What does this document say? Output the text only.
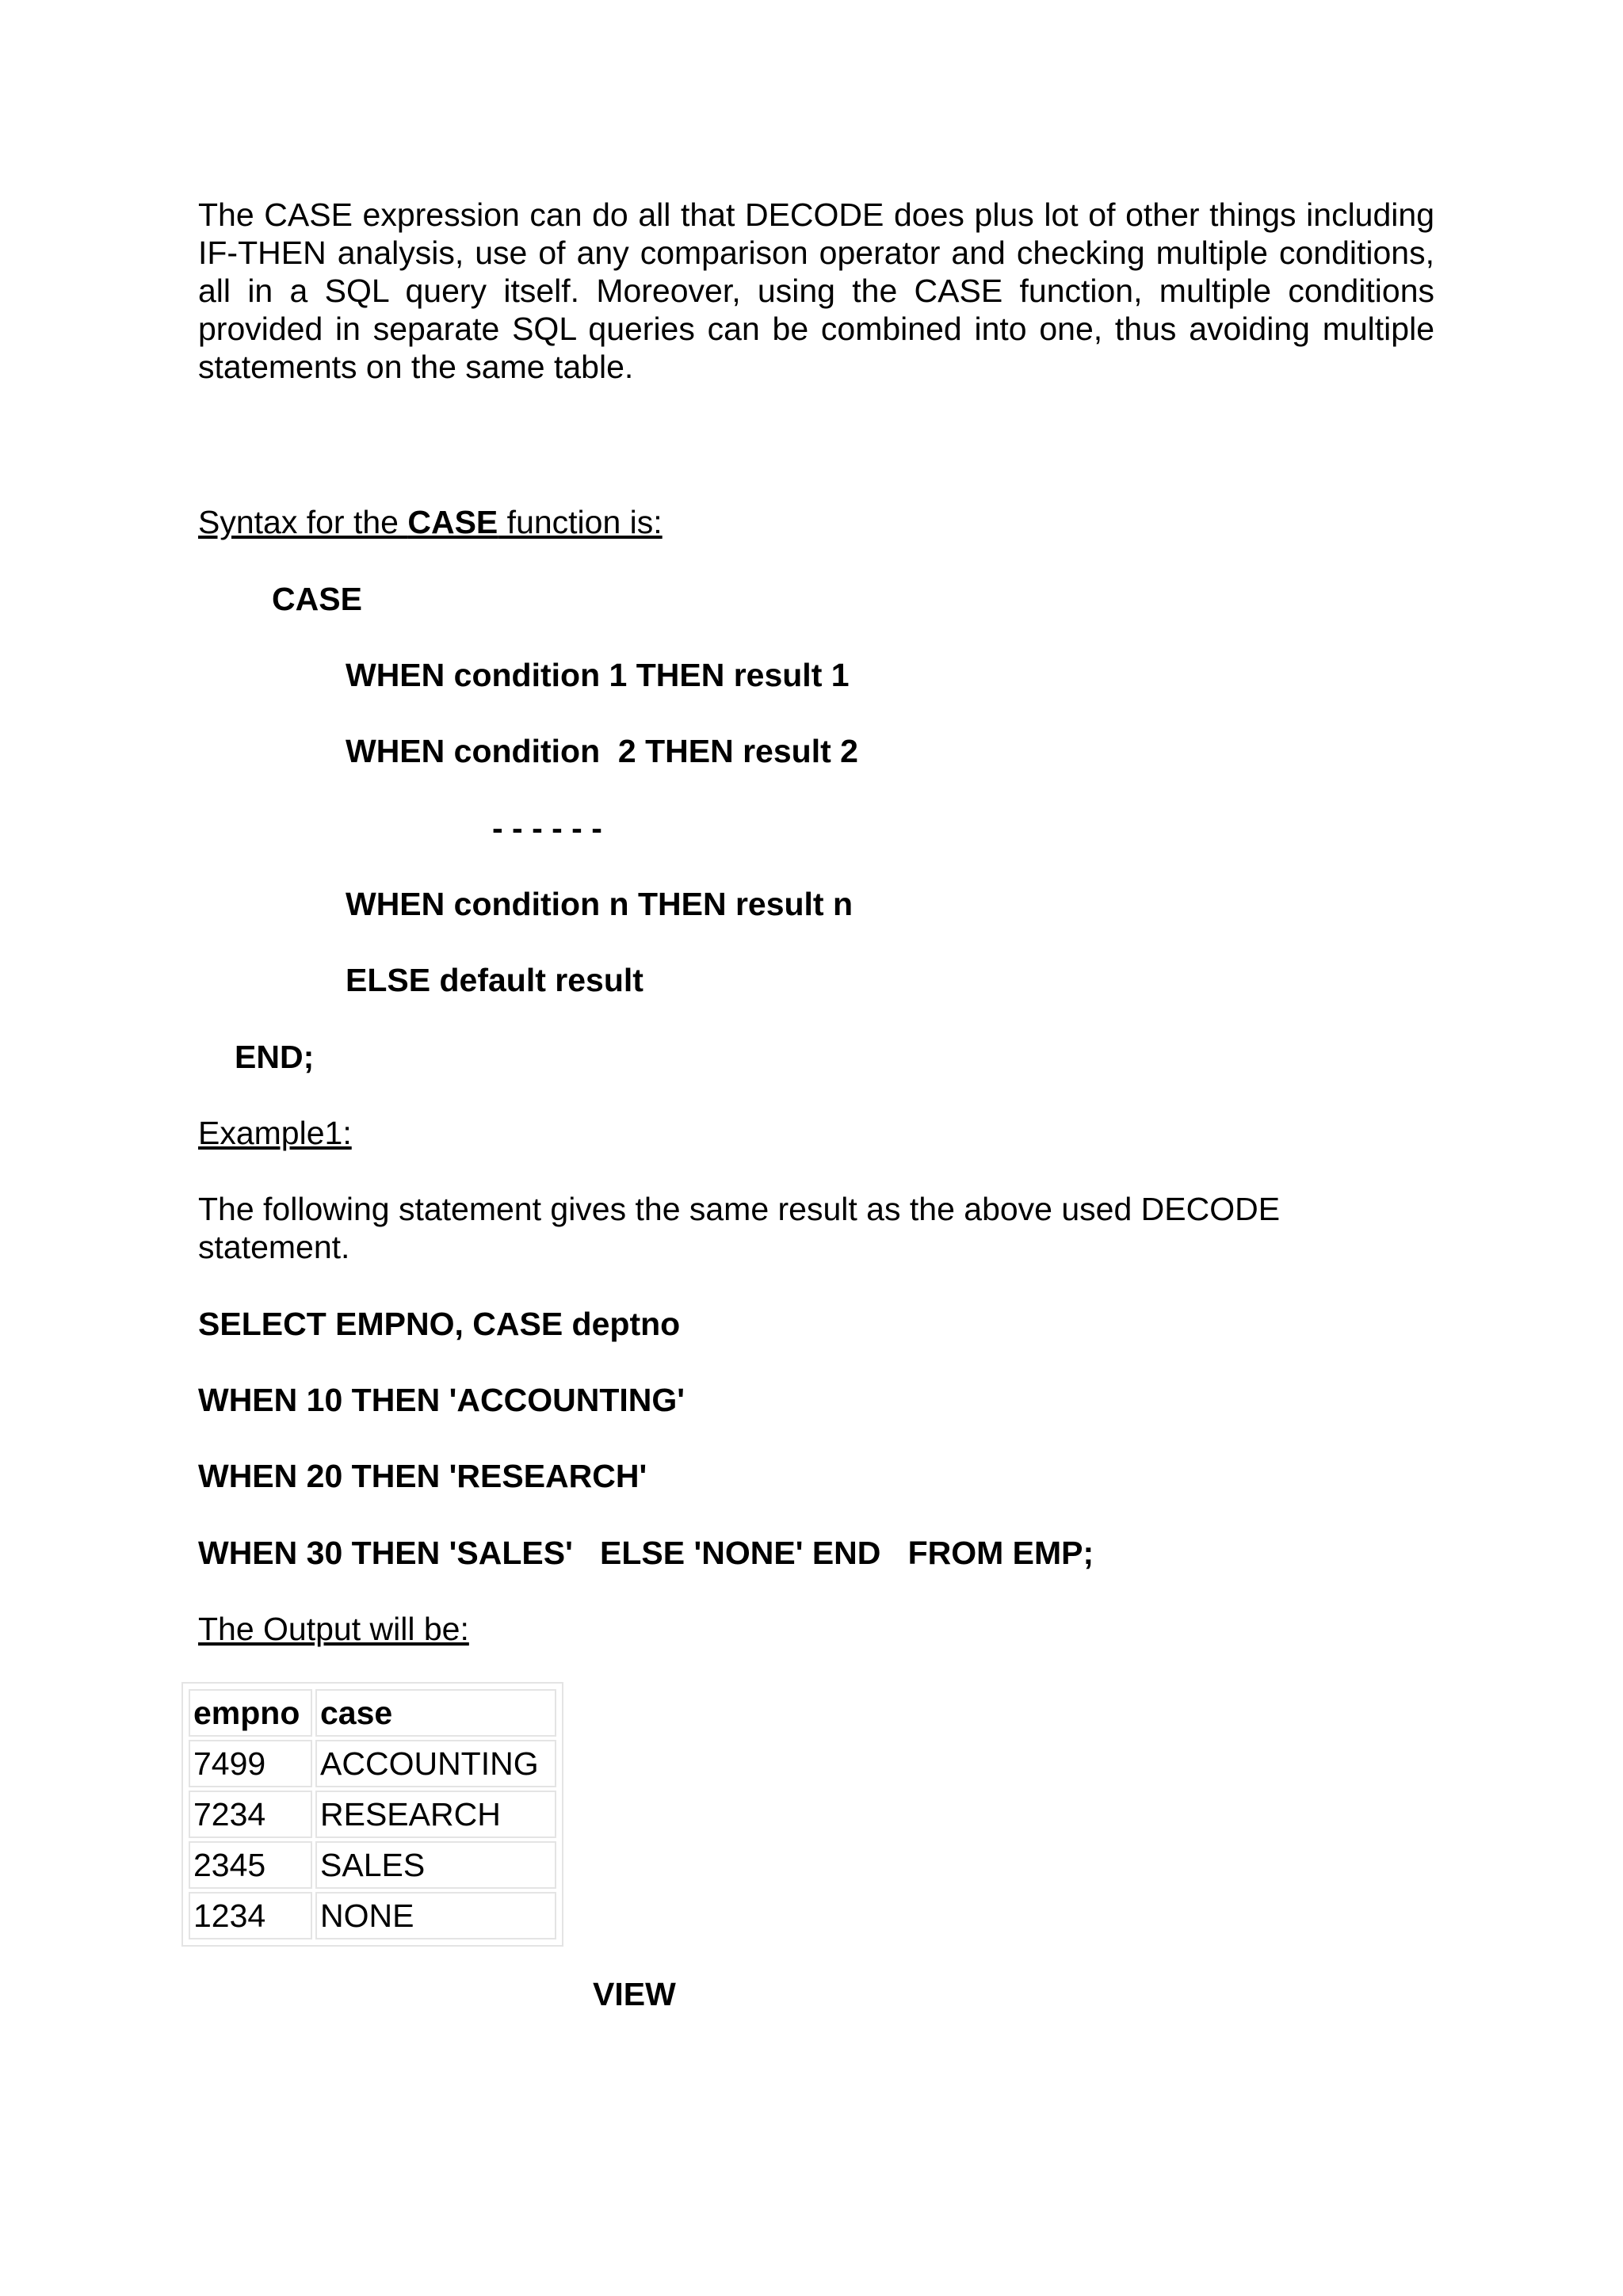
The CASE expression can do all that DECODE does plus lot of other things including IF-THEN analysis, use of any comparison operator and checking multiple conditions, all in a SQL query itself. Moreover, using the CASE function, multiple conditions provided in separate SQL queries can be combined into one, thus avoiding multiple statements on the same table.

Syntax for the CASE function is:

CASE

WHEN condition 1 THEN result 1

WHEN condition  2 THEN result 2

- - - - - -

WHEN condition n THEN result n

ELSE default result

END;

Example1:

The following statement gives the same result as the above used DECODE

statement.

SELECT EMPNO, CASE deptno

WHEN 10 THEN 'ACCOUNTING'

WHEN 20 THEN 'RESEARCH'

WHEN 30 THEN 'SALES'   ELSE 'NONE' END   FROM EMP;

The Output will be:

empno	case
7499	ACCOUNTING
7234	RESEARCH
2345	SALES
1234	NONE

VIEW
